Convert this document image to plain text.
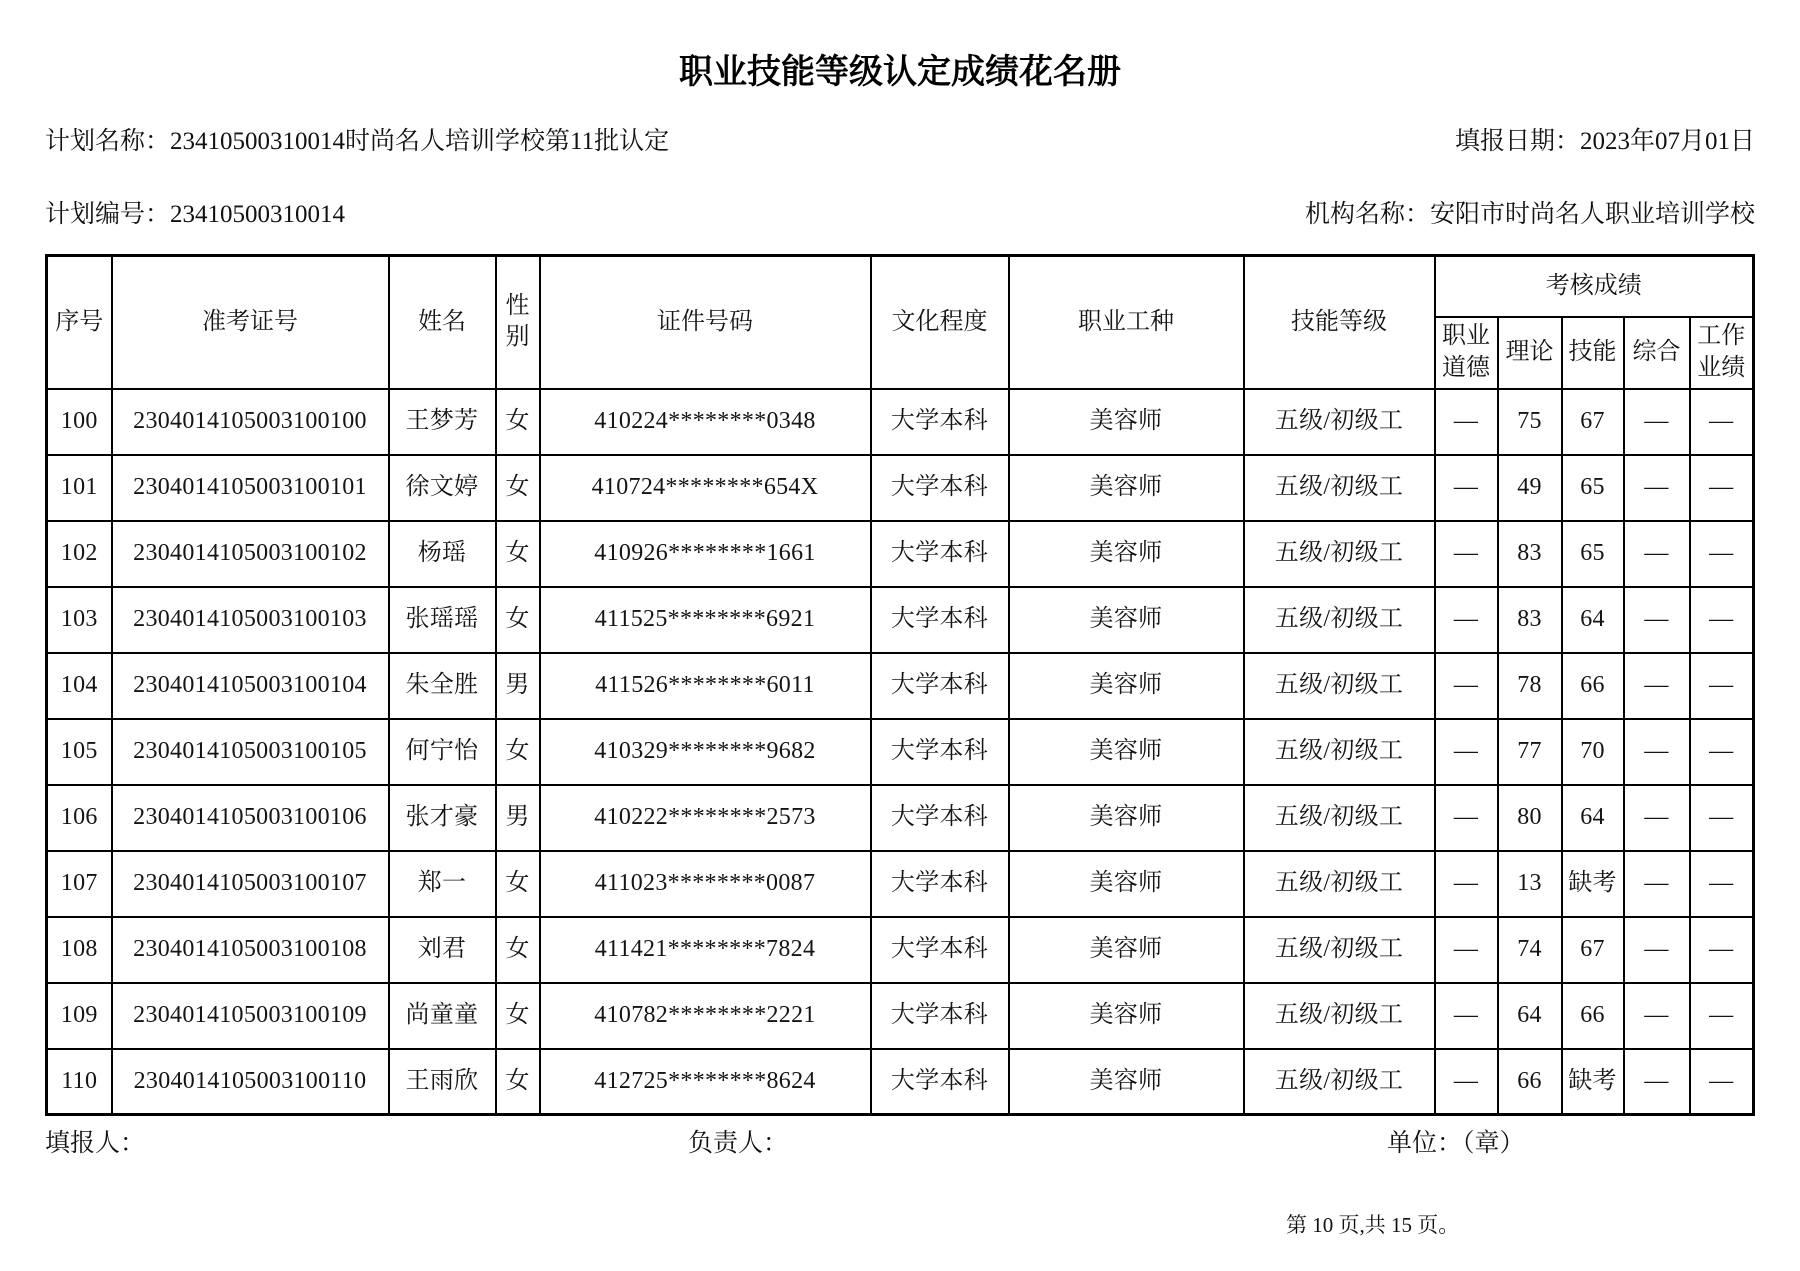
职业技能等级认定成绩花名册
计划名称：23410500310014时尚名人培训学校第11批认定	填报日期：2023年07月01日
计划编号：23410500310014	机构名称：安阳市时尚名人职业培训学校
序号	准考证号	姓名	性别	证件号码	文化程度	职业工种	技能等级	考核成绩				
								职业道德	理论	技能	综合	工作业绩
100	2304014105003100100	王梦芳	女	410224********0348	大学本科	美容师	五级/初级工	—	75	67	—	—
101	2304014105003100101	徐文婷	女	410724********654X	大学本科	美容师	五级/初级工	—	49	65	—	—
102	2304014105003100102	杨瑶	女	410926********1661	大学本科	美容师	五级/初级工	—	83	65	—	—
103	2304014105003100103	张瑶瑶	女	411525********6921	大学本科	美容师	五级/初级工	—	83	64	—	—
104	2304014105003100104	朱全胜	男	411526********6011	大学本科	美容师	五级/初级工	—	78	66	—	—
105	2304014105003100105	何宁怡	女	410329********9682	大学本科	美容师	五级/初级工	—	77	70	—	—
106	2304014105003100106	张才豪	男	410222********2573	大学本科	美容师	五级/初级工	—	80	64	—	—
107	2304014105003100107	郑一	女	411023********0087	大学本科	美容师	五级/初级工	—	13	缺考	—	—
108	2304014105003100108	刘君	女	411421********7824	大学本科	美容师	五级/初级工	—	74	67	—	—
109	2304014105003100109	尚童童	女	410782********2221	大学本科	美容师	五级/初级工	—	64	66	—	—
110	2304014105003100110	王雨欣	女	412725********8624	大学本科	美容师	五级/初级工	—	66	缺考	—	—
填报人：	负责人：	单位：（章）
第 10 页,共 15 页。
